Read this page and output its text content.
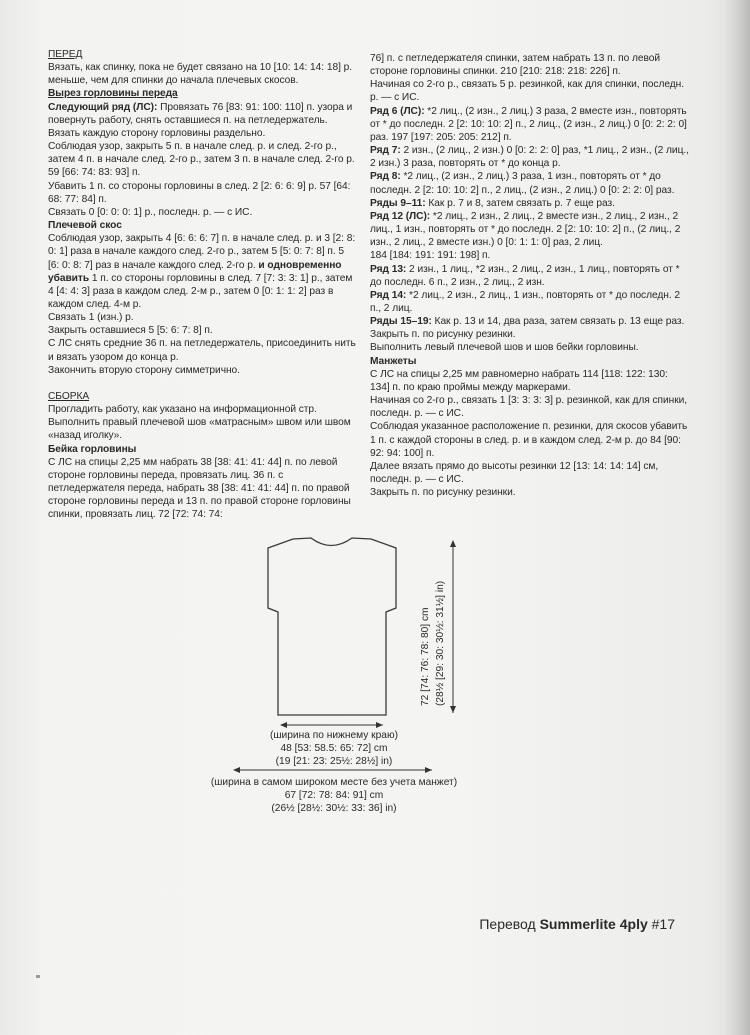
ПЕРЕД

Вязать, как спинку, пока не будет связано на 10 [10: 14: 14: 18] р. меньше, чем для спинки до начала плечевых скосов.

Вырез горловины переда

Следующий ряд (ЛС): Провязать 76 [83: 91: 100: 110] п. узора и повернуть работу, снять оставшиеся п. на петледержатель.

Вязать каждую сторону горловины раздельно.

Соблюдая узор, закрыть 5 п. в начале след. р. и след. 2-го р., затем 4 п. в начале след. 2-го р., затем 3 п. в начале след. 2-го р. 59 [66: 74: 83: 93] п.

Убавить 1 п. со стороны горловины в след. 2 [2: 6: 6: 9] р. 57 [64: 68: 77: 84] п.

Связать 0 [0: 0: 0: 1] р., последн. р. — с ИС.

Плечевой скос

Соблюдая узор, закрыть 4 [6: 6: 6: 7] п. в начале след. р. и 3 [2: 8: 0: 1] раза в начале каждого след. 2-го р., затем 5 [5: 0: 7: 8] п. 5 [6: 0: 8: 7] раз в начале каждого след. 2-го р. и одновременно убавить 1 п. со стороны горловины в след. 7 [7: 3: 3: 1] р., затем 4 [4: 4: 3] раза в каждом след. 2-м р., затем 0 [0: 1: 1: 2] раз в каждом след. 4-м р.

Связать 1 (изн.) р.

Закрыть оставшиеся 5 [5: 6: 7: 8] п.

С ЛС снять средние 36 п. на петледержатель, присоединить нить и вязать узором до конца р.

Закончить вторую сторону симметрично.

СБОРКА

Прогладить работу, как указано на информационной стр.

Выполнить правый плечевой шов «матрасным» швом или швом «назад иголку».

Бейка горловины

С ЛС на спицы 2,25 мм набрать 38 [38: 41: 41: 44] п. по левой стороне горловины переда, провязать лиц. 36 п. с петледержателя переда, набрать 38 [38: 41: 41: 44] п. по правой стороне горловины переда и 13 п. по правой стороне горловины спинки, провязать лиц. 72 [72: 74: 74:

76] п. с петледержателя спинки, затем набрать 13 п. по левой стороне горловины спинки. 210 [210: 218: 218: 226] п.

Начиная со 2-го р., связать 5 р. резинкой, как для спинки, последн. р. — с ИС.

Ряд 6 (ЛС): *2 лиц., (2 изн., 2 лиц.) 3 раза, 2 вместе изн., повторять от * до последн. 2 [2: 10: 10: 2] п., 2 лиц., (2 изн., 2 лиц.) 0 [0: 2: 2: 0] раз. 197 [197: 205: 205: 212] п.

Ряд 7: 2 изн., (2 лиц., 2 изн.) 0 [0: 2: 2: 0] раз, *1 лиц., 2 изн., (2 лиц., 2 изн.) 3 раза, повторять от * до конца р.

Ряд 8: *2 лиц., (2 изн., 2 лиц.) 3 раза, 1 изн., повторять от * до последн. 2 [2: 10: 10: 2] п., 2 лиц., (2 изн., 2 лиц.) 0 [0: 2: 2: 0] раз.

Ряды 9–11: Как р. 7 и 8, затем связать р. 7 еще раз.

Ряд 12 (ЛС): *2 лиц., 2 изн., 2 лиц., 2 вместе изн., 2 лиц., 2 изн., 2 лиц., 1 изн., повторять от * до последн. 2 [2: 10: 10: 2] п., (2 лиц., 2 изн., 2 лиц., 2 вместе изн.) 0 [0: 1: 1: 0] раз, 2 лиц.

184 [184: 191: 191: 198] п.

Ряд 13: 2 изн., 1 лиц., *2 изн., 2 лиц., 2 изн., 1 лиц., повторять от * до последн. 6 п., 2 изн., 2 лиц., 2 изн.

Ряд 14: *2 лиц., 2 изн., 2 лиц., 1 изн., повторять от * до последн. 2 п., 2 лиц.

Ряды 15–19: Как р. 13 и 14, два раза, затем связать р. 13 еще раз.

Закрыть п. по рисунку резинки.

Выполнить левый плечевой шов и шов бейки горловины.

Манжеты

С ЛС на спицы 2,25 мм равномерно набрать 114 [118: 122: 130: 134] п. по краю проймы между маркерами.

Начиная со 2-го р., связать 1 [3: 3: 3: 3] р. резинкой, как для спинки, последн. р. — с ИС.

Соблюдая указанное расположение п. резинки, для скосов убавить 1 п. с каждой стороны в след. р. и в каждом след. 2-м р. до 84 [90: 92: 94: 100] п.

Далее вязать прямо до высоты резинки 12 [13: 14: 14: 14] см, последн. р. — с ИС.

Закрыть п. по рисунку резинки.

(ширина по нижнему краю)
48 [53: 58.5: 65: 72] cm
(19 [21: 23: 25½: 28½] in)
(ширина в самом широком месте без учета манжет)
67 [72: 78: 84: 91] cm
(26½ [28½: 30½: 33: 36] in)
72 [74: 76: 78: 80] cm (28½ [29: 30: 30½: 31½] in)
Перевод Summerlite 4ply #17
